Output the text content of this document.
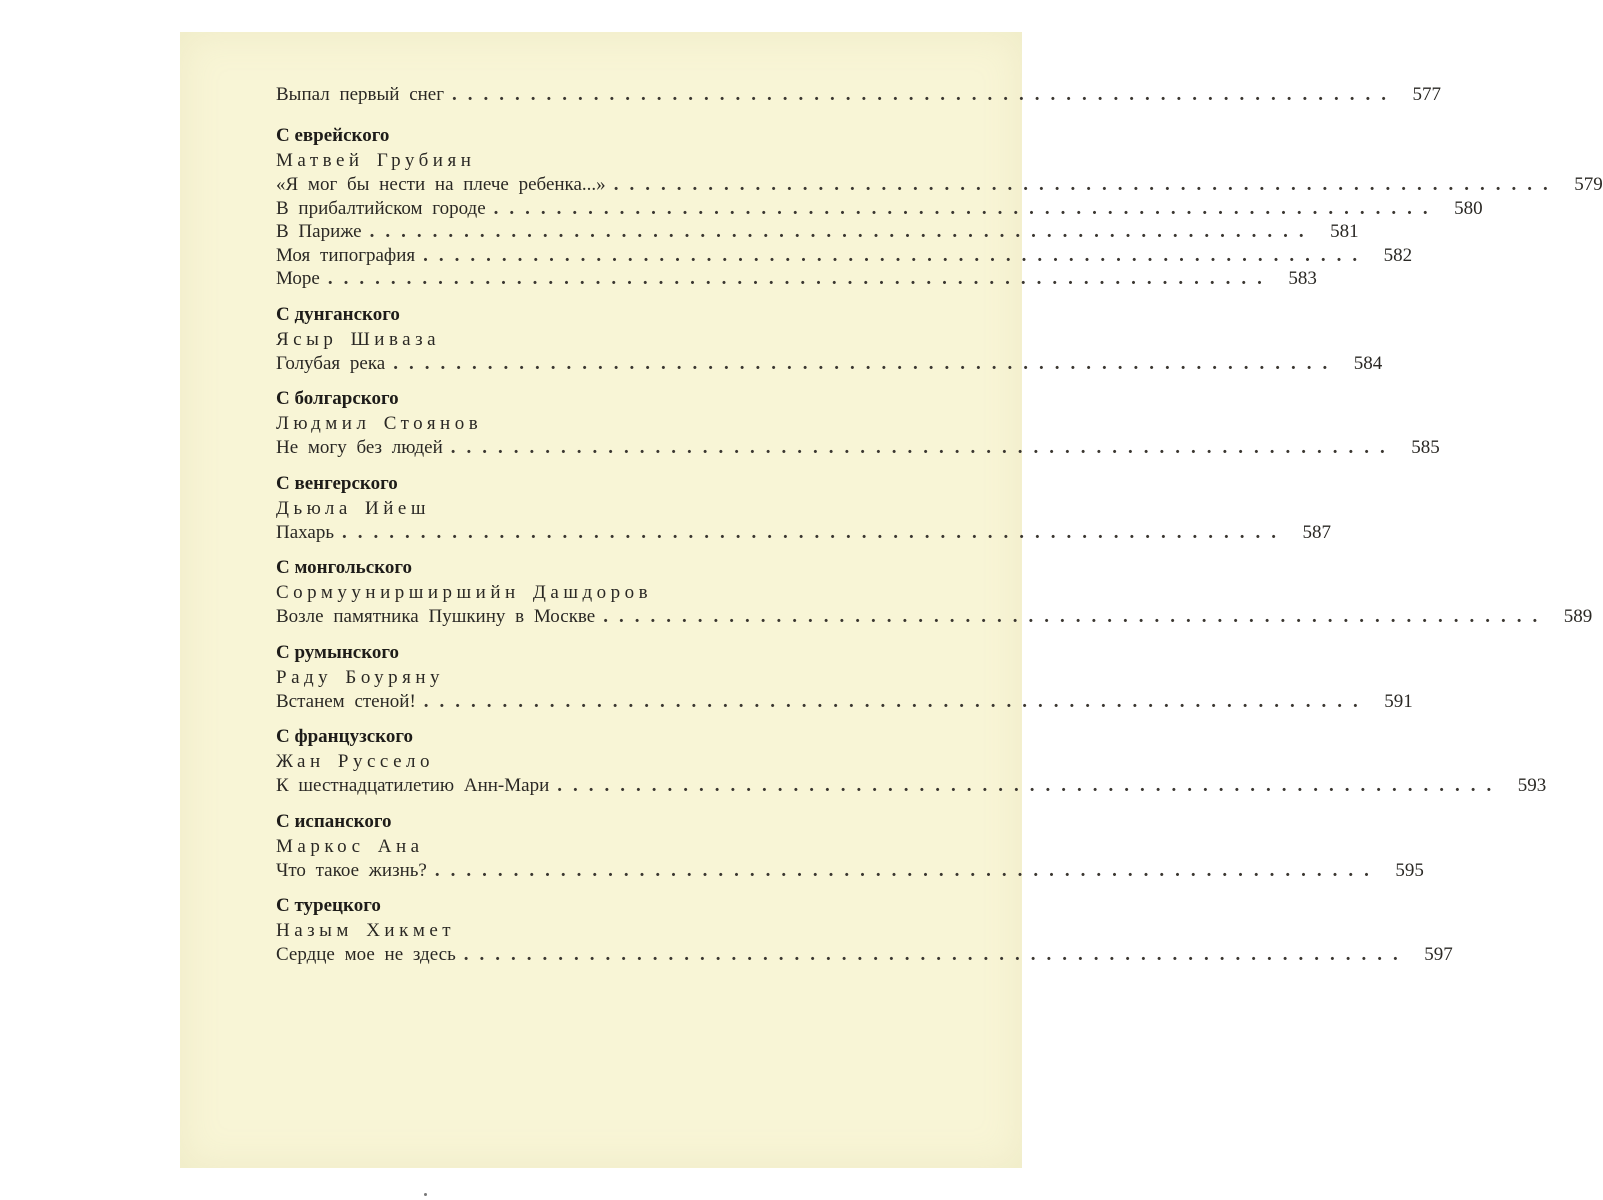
Выпал первый снег ............................................................ 577
С еврейского
Матвей Грубиян
«Я мог бы нести на плече ребенка...» ............................................................ 579
В прибалтийском городе ............................................................ 580
В Париже ............................................................ 581
Моя типография ............................................................ 582
Море ............................................................ 583
С дунганского
Ясыр Шиваза
Голубая река ............................................................ 584
С болгарского
Людмил Стоянов
Не могу без людей ............................................................ 585
С венгерского
Дьюла Ийеш
Пахарь ............................................................ 587
С монгольского
Сормуунирширшийн Дашдоров
Возле памятника Пушкину в Москве ............................................................ 589
С румынского
Раду Боуряну
Встанем стеной! ............................................................ 591
С французского
Жан Руссело
К шестнадцатилетию Анн-Мари ............................................................ 593
С испанского
Маркос Ана
Что такое жизнь? ............................................................ 595
С турецкого
Назым Хикмет
Сердце мое не здесь ............................................................ 597
